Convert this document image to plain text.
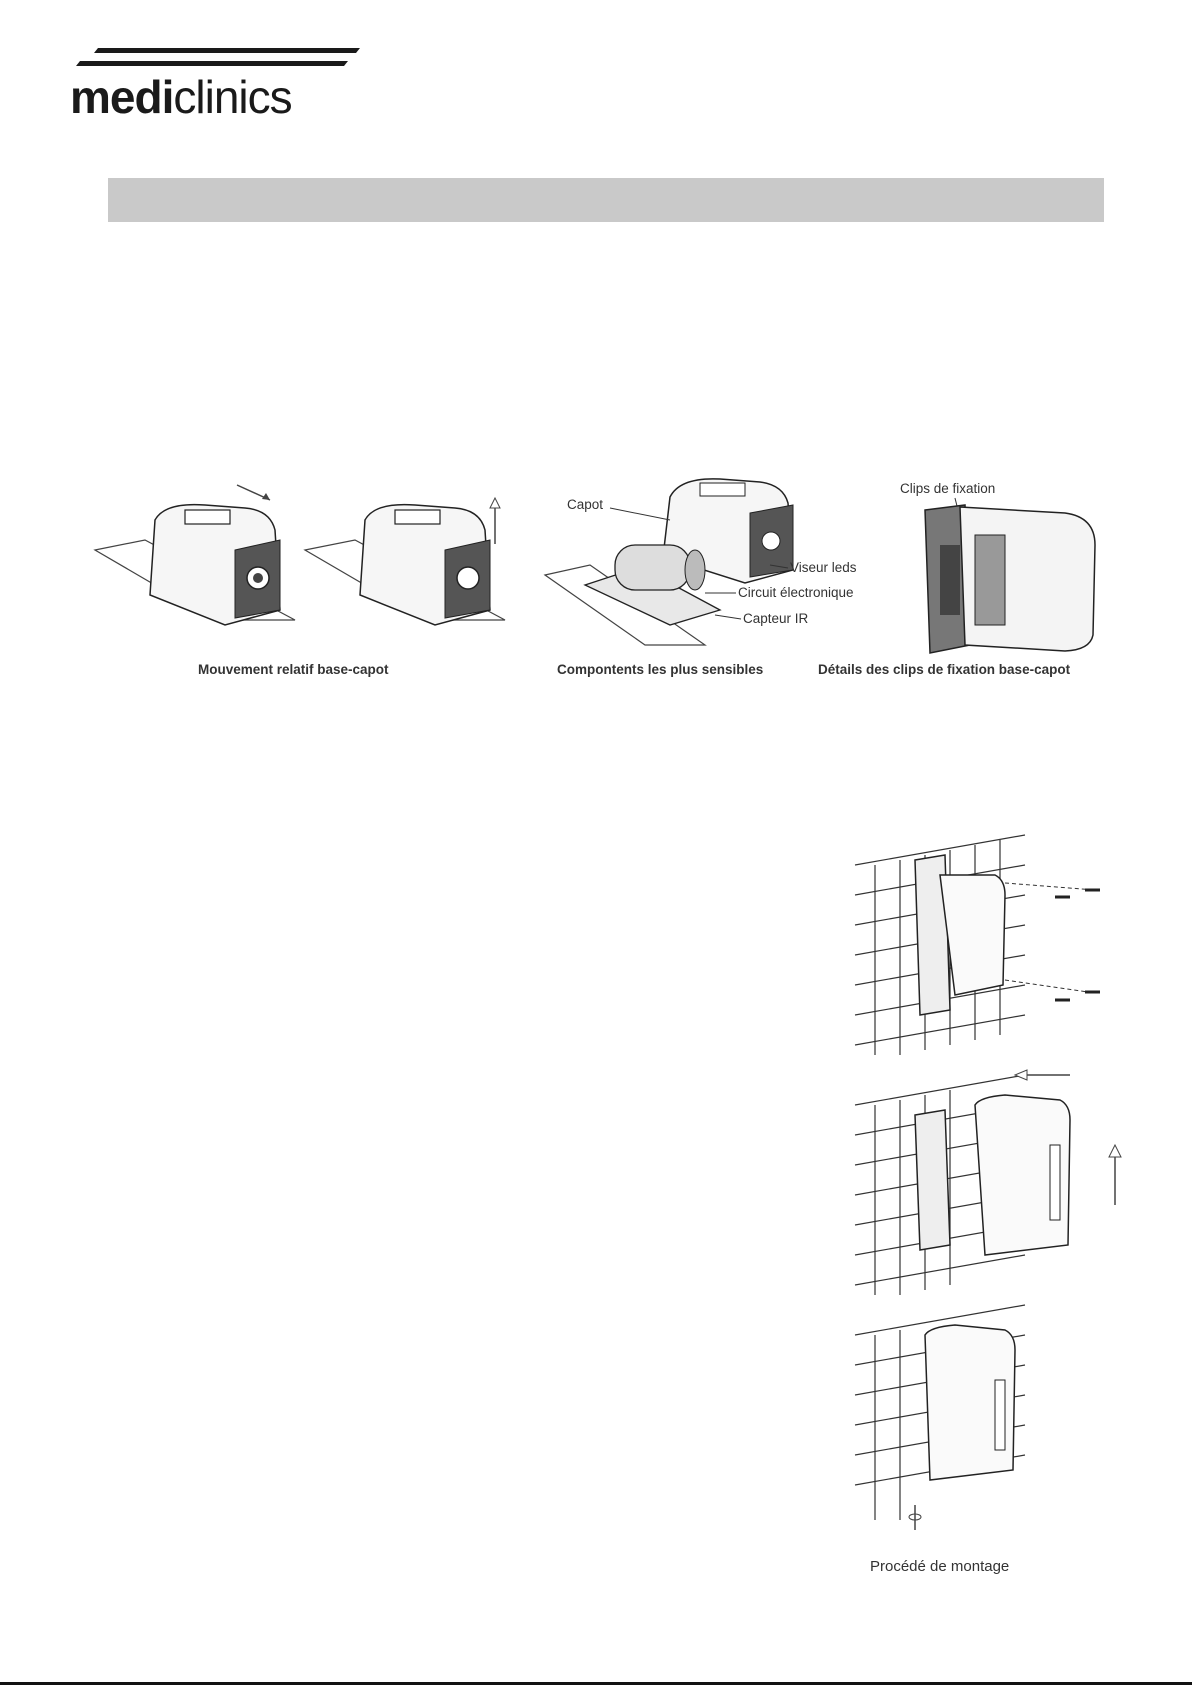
mediclinics
Capot
Viseur leds
Circuit électronique
Capteur IR
Clips de fixation
Mouvement relatif base-capot	Compontents les plus sensibles	Détails des clips de fixation base-capot
Procédé de montage
